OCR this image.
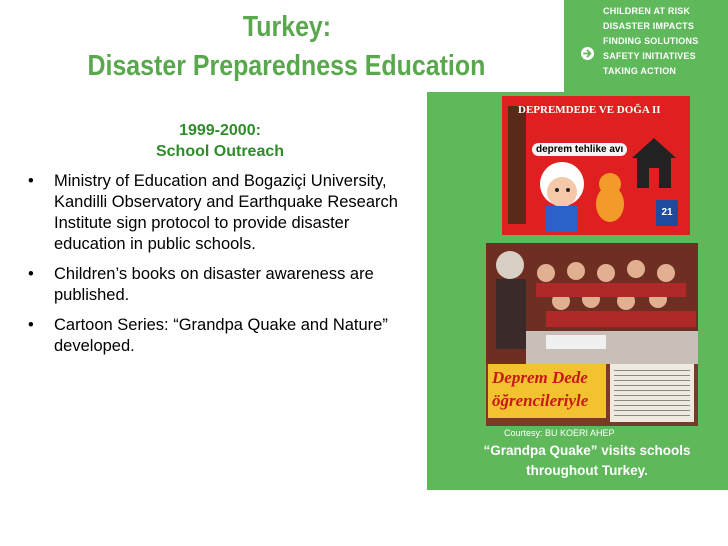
CHILDREN AT RISK
DISASTER IMPACTS
FINDING SOLUTIONS
SAFETY INITIATIVES
TAKING ACTION
Turkey:
Disaster Preparedness Education
1999-2000:
School Outreach
• Ministry of Education and Bogaziçi University, Kandilli Observatory and Earthquake Research Institute sign protocol to provide disaster education in public schools.
• Children’s books on disaster awareness are published.
• Cartoon Series: “Grandpa Quake and Nature” developed.
DEPREMDEDE VE DOĞA II
deprem tehlike avı
21
Deprem Dede
öğrencileriyle
Courtesy: BU KOERI AHEP
“Grandpa Quake” visits schools throughout Turkey.
